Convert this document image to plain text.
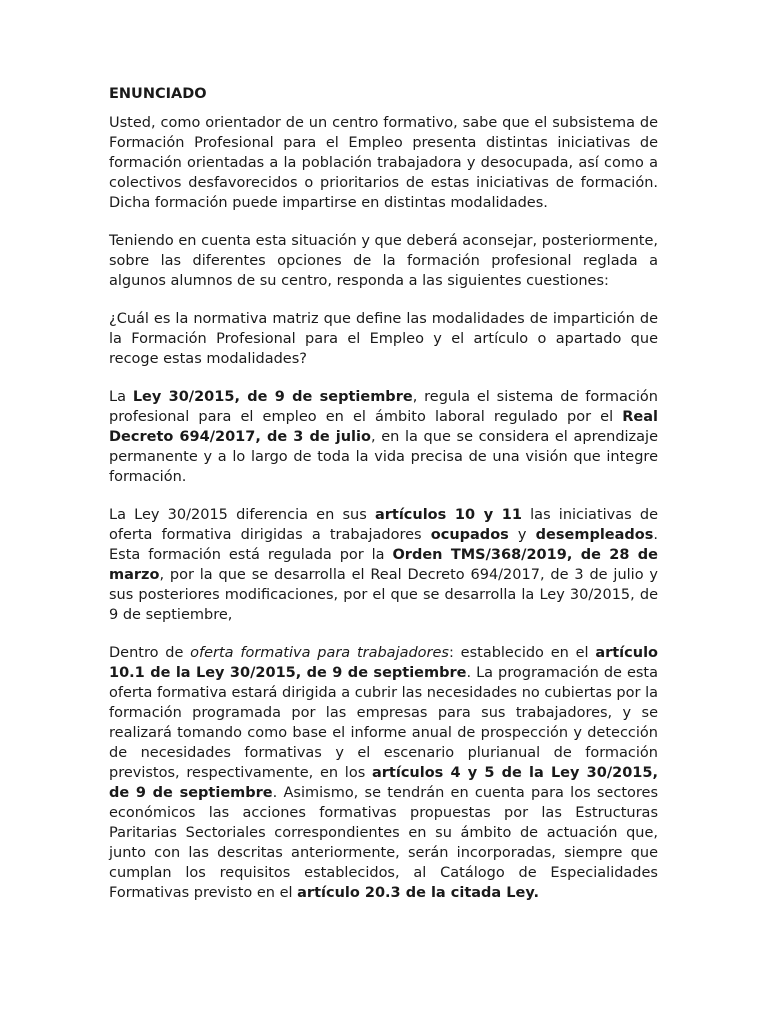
ENUNCIADO

Usted, como orientador de un centro formativo, sabe que el subsistema de Formación Profesional para el Empleo presenta distintas iniciativas de formación orientadas a la población trabajadora y desocupada, así como a colectivos desfavorecidos o prioritarios de estas iniciativas de formación. Dicha formación puede impartirse en distintas modalidades.

Teniendo en cuenta esta situación y que deberá aconsejar, posteriormente, sobre las diferentes opciones de la formación profesional reglada a algunos alumnos de su centro, responda a las siguientes cuestiones:

¿Cuál es la normativa matriz que define las modalidades de impartición de la Formación Profesional para el Empleo y el artículo o apartado que recoge estas modalidades?

La Ley 30/2015, de 9 de septiembre, regula el sistema de formación profesional para el empleo en el ámbito laboral regulado por el Real Decreto 694/2017, de 3 de julio, en la que se considera el aprendizaje permanente y a lo largo de toda la vida precisa de una visión que integre formación.

La Ley 30/2015 diferencia en sus artículos 10 y 11 las iniciativas de oferta formativa dirigidas a trabajadores ocupados y desempleados. Esta formación está regulada por la Orden TMS/368/2019, de 28 de marzo, por la que se desarrolla el Real Decreto 694/2017, de 3 de julio y sus posteriores modificaciones, por el que se desarrolla la Ley 30/2015, de 9 de septiembre,

Dentro de oferta formativa para trabajadores: establecido en el artículo 10.1 de la Ley 30/2015, de 9 de septiembre. La programación de esta oferta formativa estará dirigida a cubrir las necesidades no cubiertas por la formación programada por las empresas para sus trabajadores, y se realizará tomando como base el informe anual de prospección y detección de necesidades formativas y el escenario plurianual de formación previstos, respectivamente, en los artículos 4 y 5 de la Ley 30/2015, de 9 de septiembre. Asimismo, se tendrán en cuenta para los sectores económicos las acciones formativas propuestas por las Estructuras Paritarias Sectoriales correspondientes en su ámbito de actuación que, junto con las descritas anteriormente, serán incorporadas, siempre que cumplan los requisitos establecidos, al Catálogo de Especialidades Formativas previsto en el artículo 20.3 de la citada Ley.
